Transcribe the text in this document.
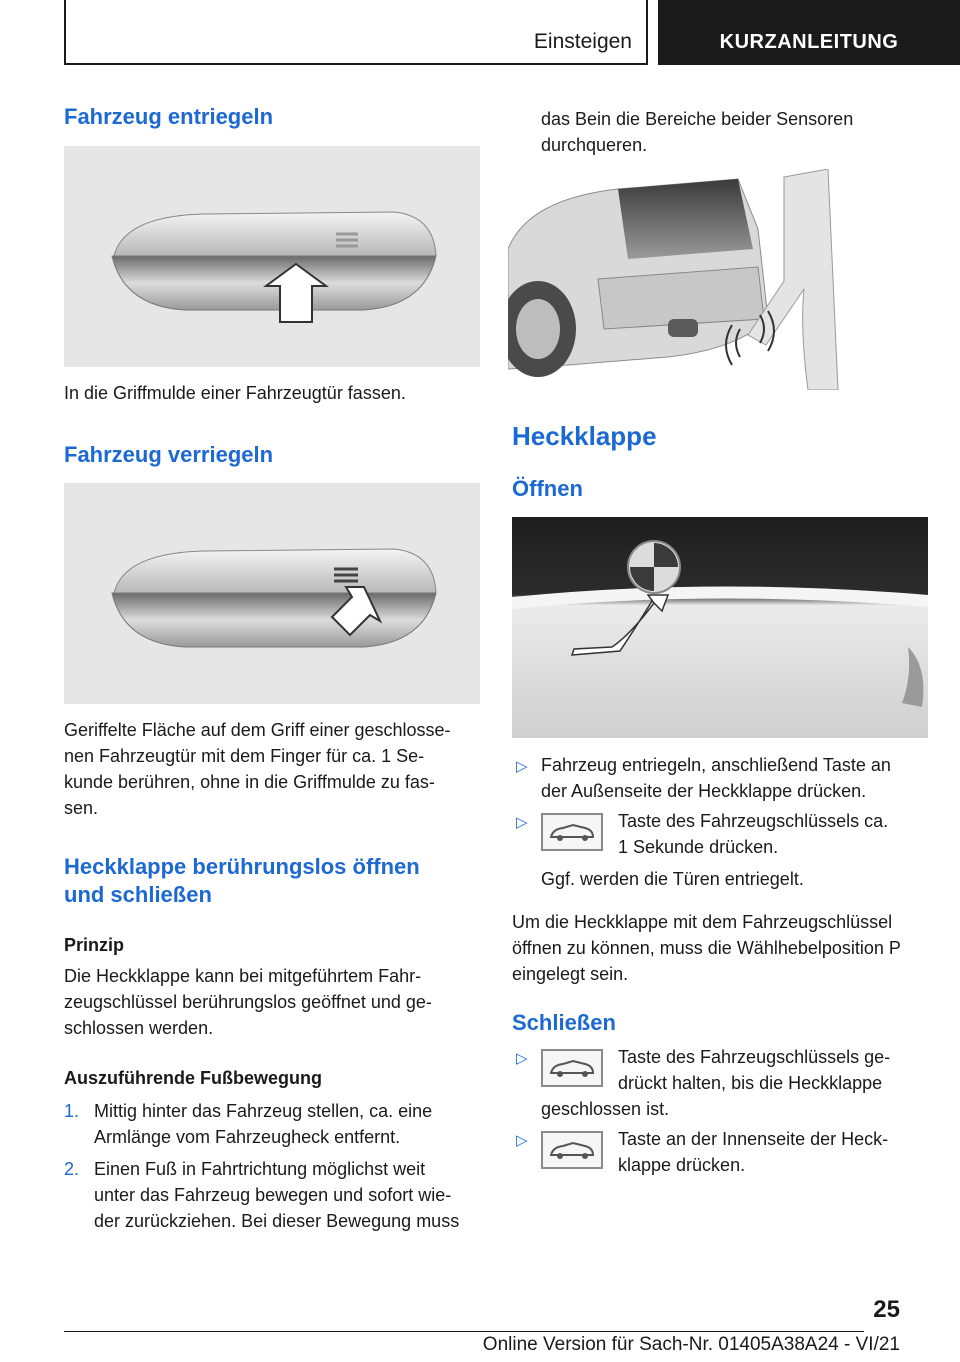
Einsteigen	KURZANLEITUNG
Fahrzeug entriegeln

In die Griffmulde einer Fahrzeugtür fassen.

Fahrzeug verriegeln

Geriffelte Fläche auf dem Griff einer geschlosse-

nen Fahrzeugtür mit dem Finger für ca. 1 Se-

kunde berühren, ohne in die Griffmulde zu fas-

sen.

Heckklappe berührungslos öffnen
und schließen
Prinzip

Die Heckklappe kann bei mitgeführtem Fahr-

zeugschlüssel berührungslos geöffnet und ge-

schlossen werden.

Auszuführende Fußbewegung
1. Mittig hinter das Fahrzeug stellen, ca. eine

Armlänge vom Fahrzeugheck entfernt.

2. Einen Fuß in Fahrtrichtung möglichst weit

unter das Fahrzeug bewegen und sofort wie-

der zurückziehen. Bei dieser Bewegung muss

das Bein die Bereiche beider Sensoren

durchqueren.

Heckklappe
Öffnen
▷ Fahrzeug entriegeln, anschließend Taste an

der Außenseite der Heckklappe drücken.

▷	Taste des Fahrzeugschlüssels ca.

1 Sekunde drücken.

Ggf. werden die Türen entriegelt.

Um die Heckklappe mit dem Fahrzeugschlüssel

öffnen zu können, muss die Wählhebelposition P

eingelegt sein.

Schließen
▷	Taste des Fahrzeugschlüssels ge-

drückt halten, bis die Heckklappe

geschlossen ist.

▷	Taste an der Innenseite der Heck-

klappe drücken.

25
Online Version für Sach-Nr. 01405A38A24 - VI/21
